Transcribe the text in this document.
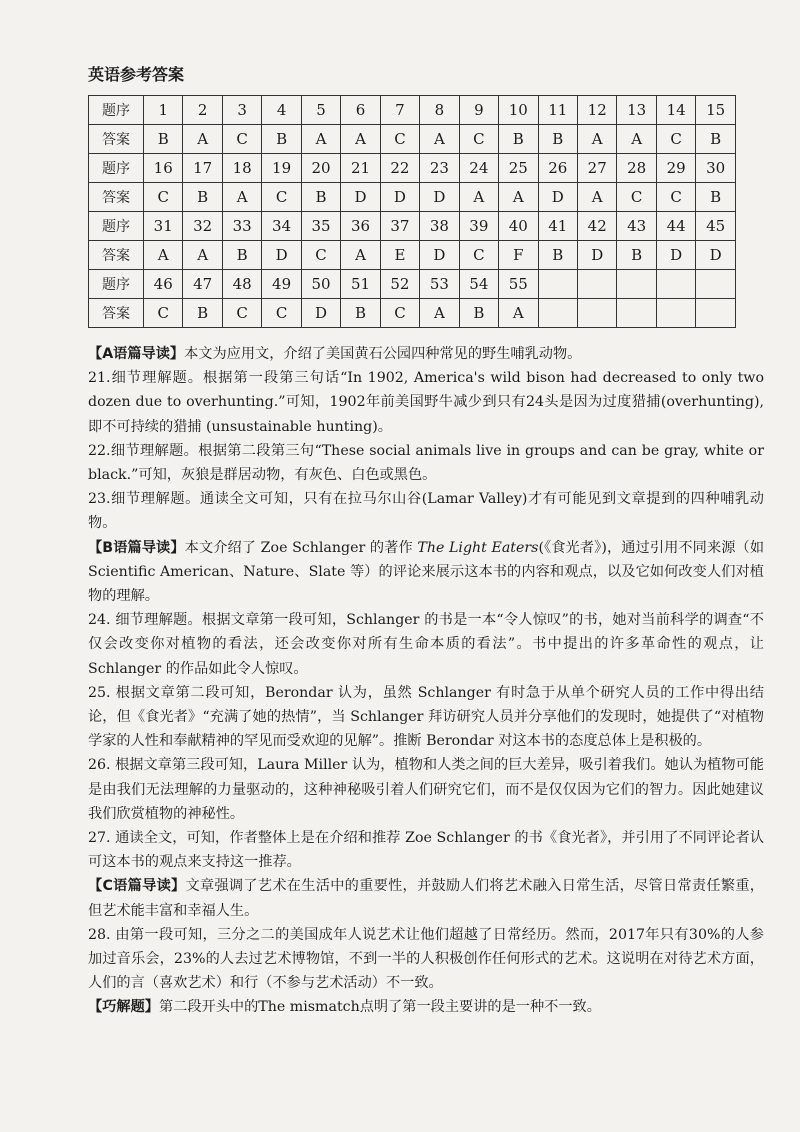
英语参考答案
题序	1	2	3	4	5	6	7	8	9	10	11	12	13	14	15
答案	B	A	C	B	A	A	C	A	C	B	B	A	A	C	B
题序	16	17	18	19	20	21	22	23	24	25	26	27	28	29	30
答案	C	B	A	C	B	D	D	D	A	A	D	A	C	C	B
题序	31	32	33	34	35	36	37	38	39	40	41	42	43	44	45
答案	A	A	B	D	C	A	E	D	C	F	B	D	B	D	D
题序	46	47	48	49	50	51	52	53	54	55					
答案	C	B	C	C	D	B	C	A	B	A					

【A语篇导读】本文为应用文，介绍了美国黄石公园四种常见的野生哺乳动物。

21.细节理解题。根据第一段第三句话“In 1902, America's wild bison had decreased to only two dozen due to overhunting.”可知，1902年前美国野牛减少到只有24头是因为过度猎捕(overhunting), 即不可持续的猎捕 (unsustainable hunting)。

22.细节理解题。根据第二段第三句“These social animals live in groups and can be gray, white or black.”可知，灰狼是群居动物，有灰色、白色或黑色。

23.细节理解题。通读全文可知，只有在拉马尔山谷(Lamar Valley)才有可能见到文章提到的四种哺乳动物。

【B语篇导读】本文介绍了 Zoe Schlanger 的著作 The Light Eaters(《食光者》)，通过引用不同来源（如 Scientific American、Nature、Slate 等）的评论来展示这本书的内容和观点，以及它如何改变人们对植物的理解。

24. 细节理解题。根据文章第一段可知，Schlanger 的书是一本“令人惊叹”的书，她对当前科学的调查“不仅会改变你对植物的看法，还会改变你对所有生命本质的看法”。书中提出的许多革命性的观点，让 Schlanger 的作品如此令人惊叹。

25. 根据文章第二段可知，Berondar 认为，虽然 Schlanger 有时急于从单个研究人员的工作中得出结论，但《食光者》“充满了她的热情”，当 Schlanger 拜访研究人员并分享他们的发现时，她提供了“对植物学家的人性和奉献精神的罕见而受欢迎的见解”。推断 Berondar 对这本书的态度总体上是积极的。

26. 根据文章第三段可知，Laura Miller 认为，植物和人类之间的巨大差异，吸引着我们。她认为植物可能是由我们无法理解的力量驱动的，这种神秘吸引着人们研究它们，而不是仅仅因为它们的智力。因此她建议我们欣赏植物的神秘性。

27. 通读全文，可知，作者整体上是在介绍和推荐 Zoe Schlanger 的书《食光者》，并引用了不同评论者认可这本书的观点来支持这一推荐。

【C语篇导读】文章强调了艺术在生活中的重要性，并鼓励人们将艺术融入日常生活，尽管日常责任繁重，但艺术能丰富和幸福人生。

28. 由第一段可知，三分之二的美国成年人说艺术让他们超越了日常经历。然而，2017年只有30%的人参加过音乐会，23%的人去过艺术博物馆，不到一半的人积极创作任何形式的艺术。这说明在对待艺术方面，人们的言（喜欢艺术）和行（不参与艺术活动）不一致。

【巧解题】第二段开头中的The mismatch点明了第一段主要讲的是一种不一致。
